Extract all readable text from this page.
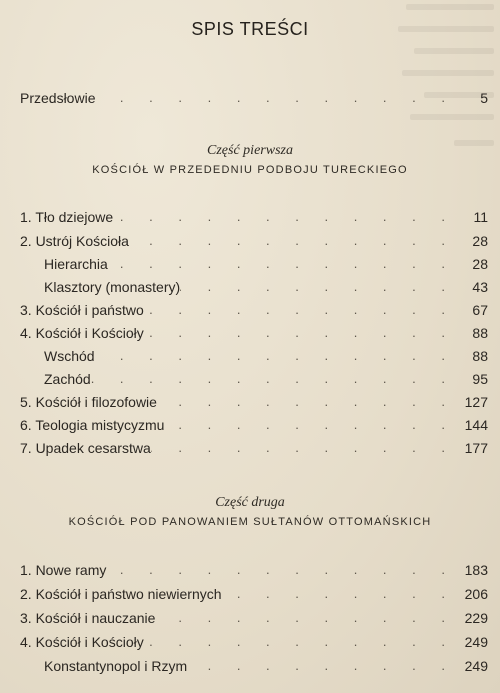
SPIS TREŚCI
Przedsłowie . . .	5
Część pierwsza
KOŚCIÓŁ W PRZEDEDNIU PODBOJU TURECKIEGO
1. Tło dziejowe . . .	11
2. Ustrój Kościoła . . .	28
Hierarchia . . .	28
Klasztory (monastery) . . .	43
3. Kościół i państwo . . .	67
4. Kościół i Kościoły . . .	88
Wschód . . .	88
Zachód . . .	95
5. Kościół i filozofowie . . .	127
6. Teologia mistycyzmu . . .	144
7. Upadek cesarstwa . . .	177
Część druga
KOŚCIÓŁ POD PANOWANIEM SUŁTANÓW OTTOMAŃSKICH
1. Nowe ramy . . .	183
2. Kościół i państwo niewiernych . . .	206
3. Kościół i nauczanie . . .	229
4. Kościół i Kościoły . . .	249
Konstantynopol i Rzym . . .	249
